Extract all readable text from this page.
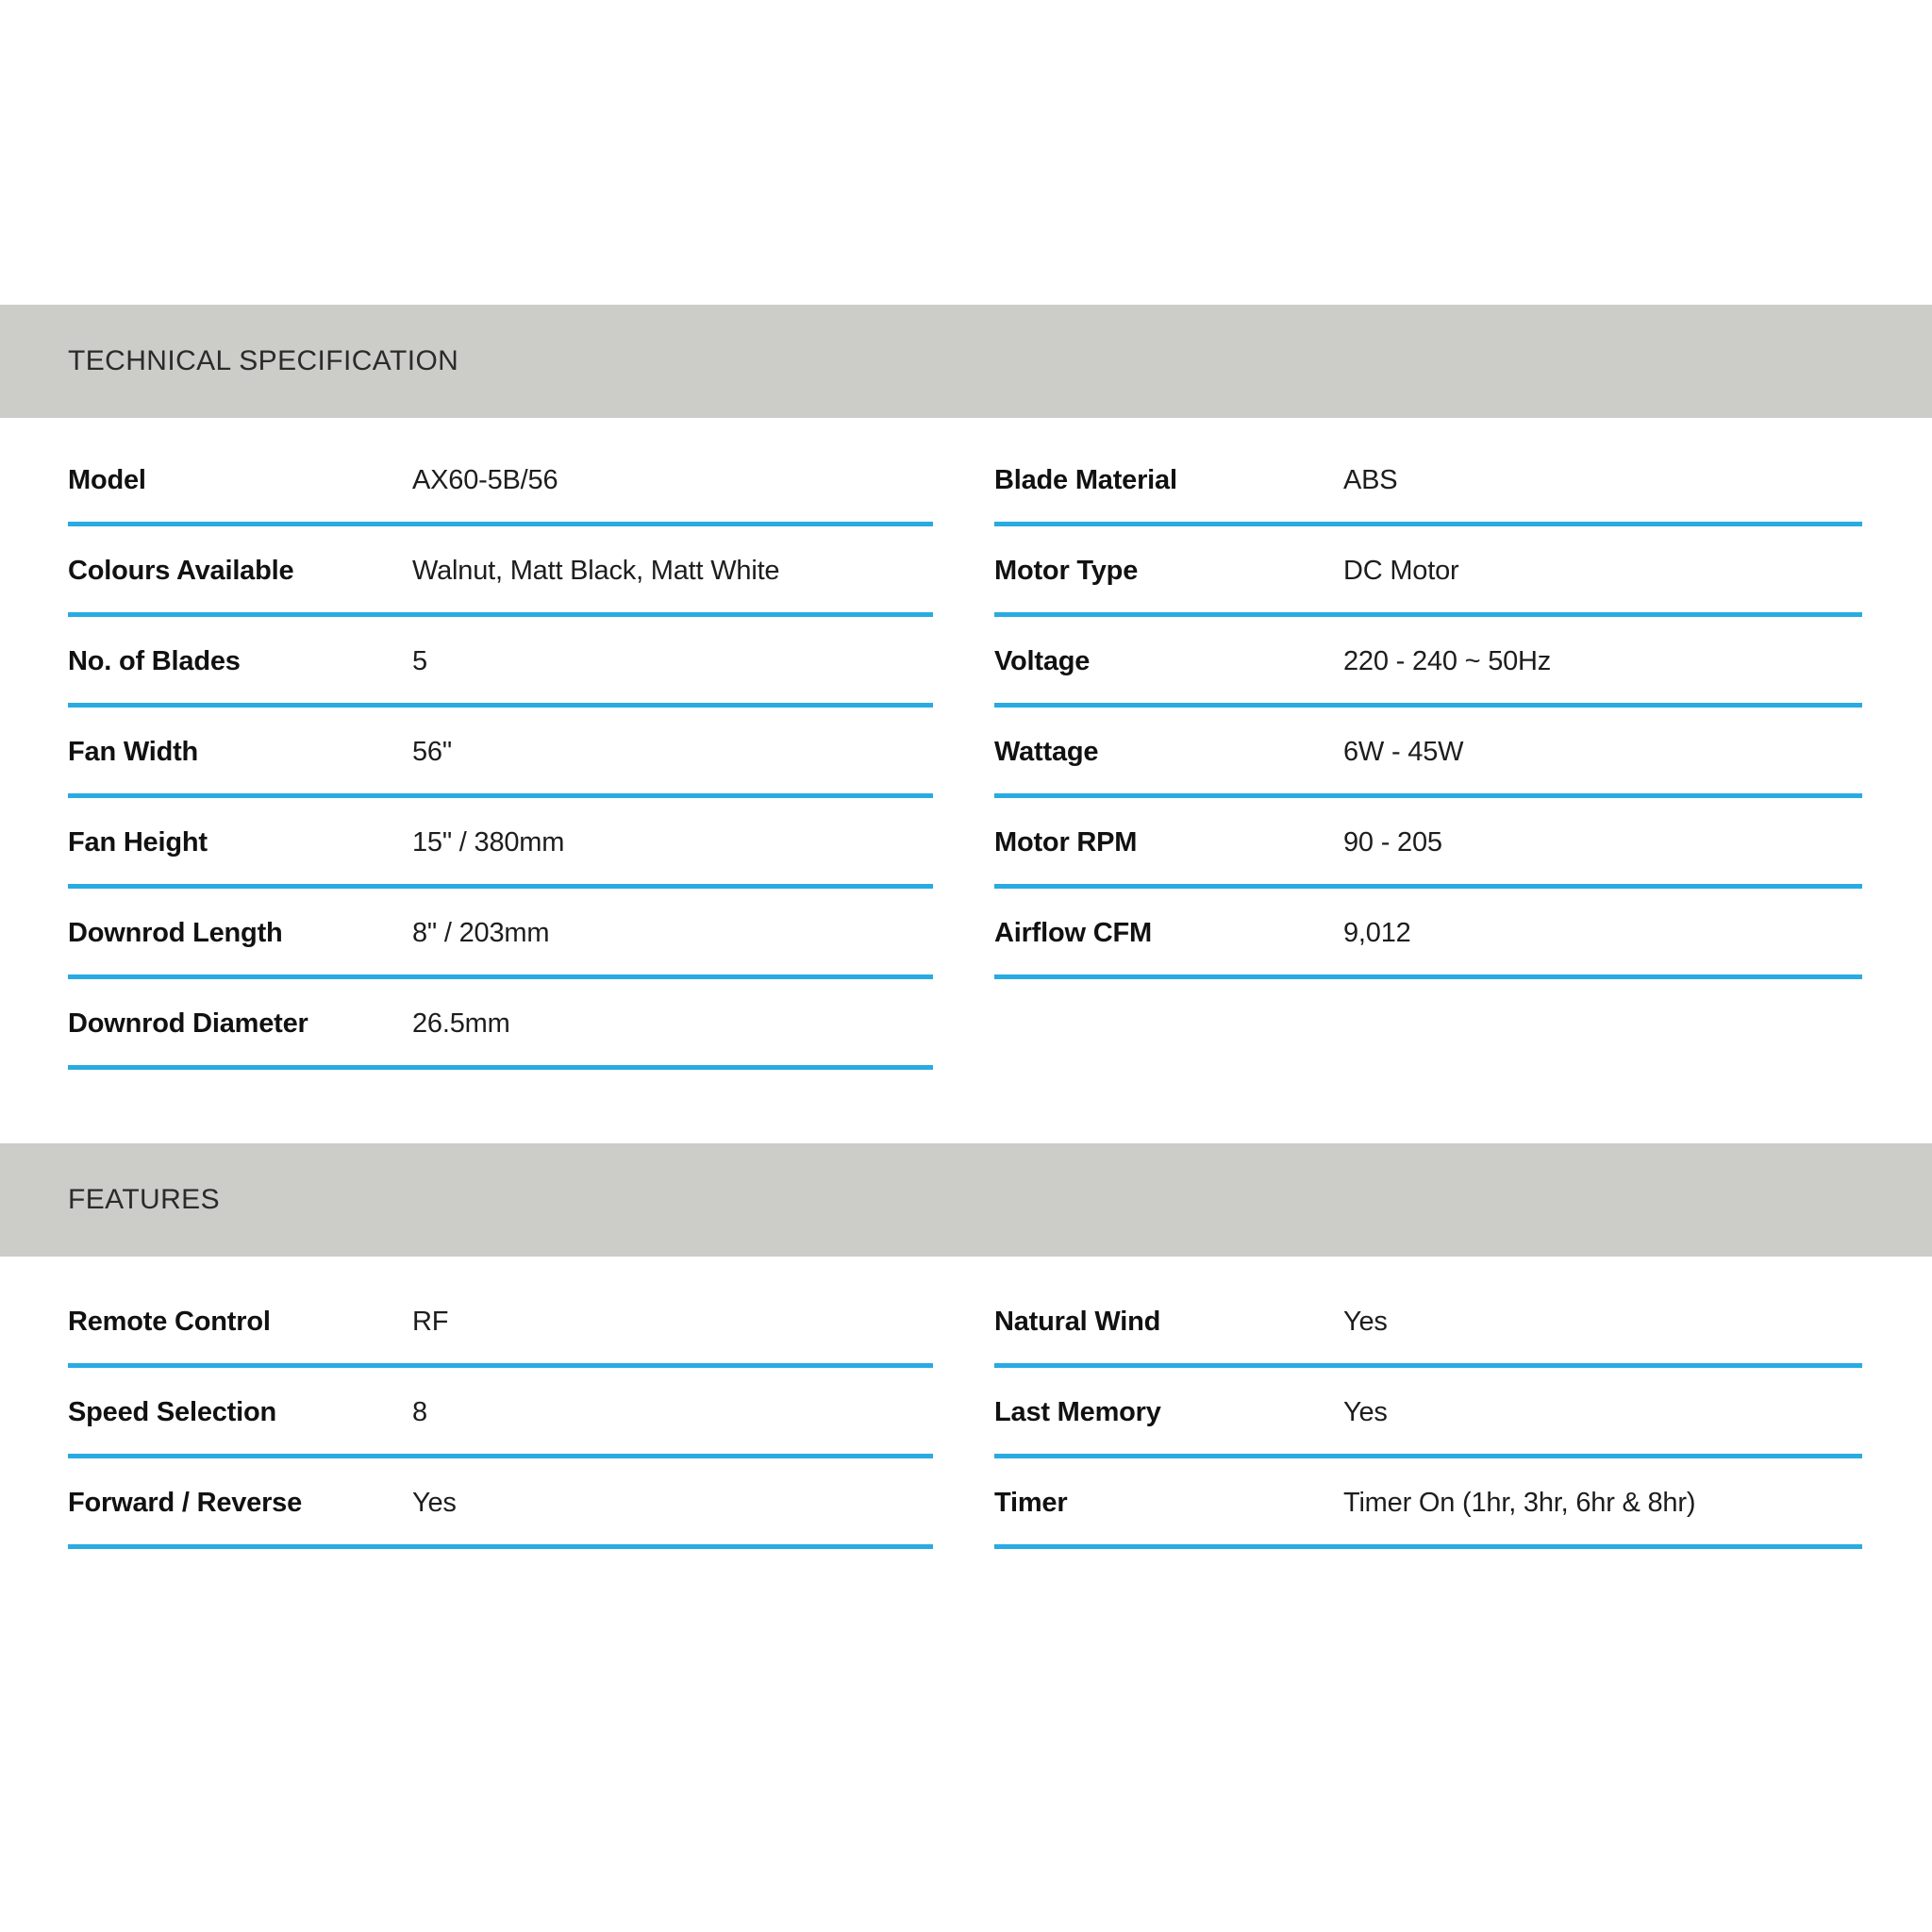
TECHNICAL SPECIFICATION
Model	AX60-5B/56
Colours Available	Walnut, Matt Black, Matt White
No. of Blades	5
Fan Width	56"
Fan Height	15" / 380mm
Downrod Length	8" / 203mm
Downrod Diameter	26.5mm
Blade Material	ABS
Motor Type	DC Motor
Voltage	220 - 240 ~ 50Hz
Wattage	6W - 45W
Motor RPM	90 - 205
Airflow CFM	9,012
FEATURES
Remote Control	RF
Speed Selection	8
Forward / Reverse	Yes
Natural Wind	Yes
Last Memory	Yes
Timer	Timer On (1hr, 3hr, 6hr & 8hr)
